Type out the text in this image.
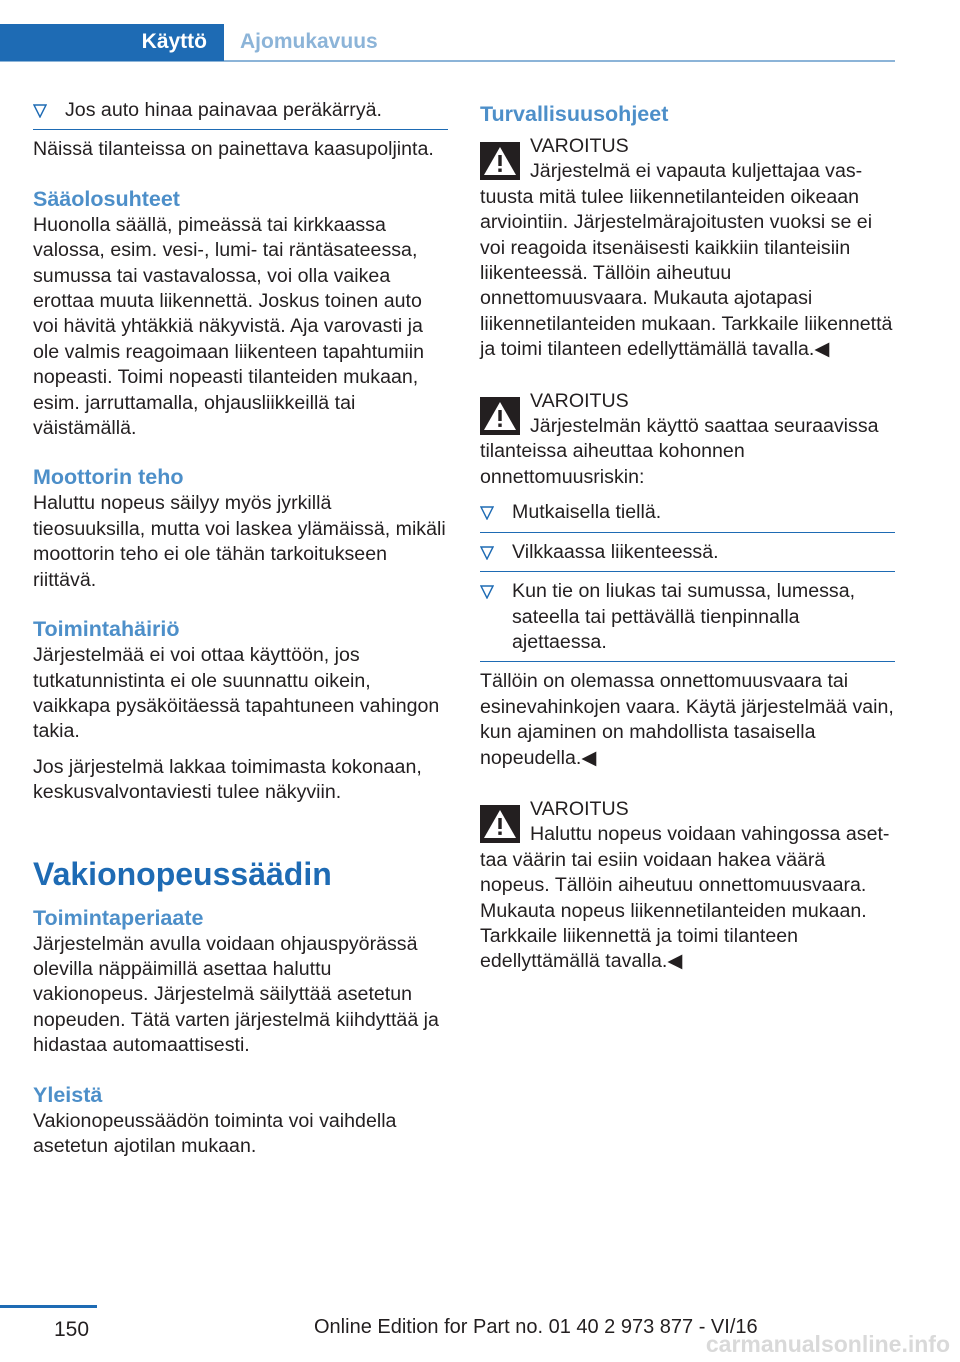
Käyttö Ajomukavuus
Jos auto hinaa painavaa peräkärryä.
Näissä tilanteissa on painettava kaasupoljinta.
Sääolosuhteet
Huonolla säällä, pimeässä tai kirkkaassa valossa, esim. vesi-, lumi- tai räntäsateessa, sumussa tai vastavalossa, voi olla vaikea erottaa muuta liikennettä. Joskus toinen auto voi hävitä yhtäkkiä näkyvistä. Aja varovasti ja ole valmis reagoimaan liikenteen tapahtumiin nopeasti. Toimi nopeasti tilanteiden mukaan, esim. jarruttamalla, ohjausliikkeillä tai väistämällä.
Moottorin teho
Haluttu nopeus säilyy myös jyrkillä tieosuuksilla, mutta voi laskea ylämäissä, mikäli moottorin teho ei ole tähän tarkoitukseen riittävä.
Toimintahäiriö
Järjestelmää ei voi ottaa käyttöön, jos tutkatunnistinta ei ole suunnattu oikein, vaikkapa pysäköitäessä tapahtuneen vahingon takia.
Jos järjestelmä lakkaa toimimasta kokonaan, keskusvalvontaviesti tulee näkyviin.
Vakionopeussäädin
Toimintaperiaate
Järjestelmän avulla voidaan ohjauspyörässä olevilla näppäimillä asettaa haluttu vakionopeus. Järjestelmä säilyttää asetetun nopeuden. Tätä varten järjestelmä kiihdyttää ja hidastaa automaattisesti.
Yleistä
Vakionopeussäädön toiminta voi vaihdella asetetun ajotilan mukaan.
Turvallisuusohjeet
VAROITUS
Järjestelmä ei vapauta kuljettajaa vas-
tuusta mitä tulee liikennetilanteiden oikeaan arviointiin. Järjestelmärajoitusten vuoksi se ei voi reagoida itsenäisesti kaikkiin tilanteisiin liikenteessä. Tällöin aiheutuu onnettomuusvaara. Mukauta ajotapasi liikennetilanteiden mukaan. Tarkkaile liikennettä ja toimi tilanteen edellyttämällä tavalla.◀
VAROITUS
Järjestelmän käyttö saattaa seuraavissa
tilanteissa aiheuttaa kohonnen onnettomuusriskin:
Mutkaisella tiellä.
Vilkkaassa liikenteessä.
Kun tie on liukas tai sumussa, lumessa, sateella tai pettävällä tienpinnalla ajettaessa.
Tällöin on olemassa onnettomuusvaara tai esinevahinkojen vaara. Käytä järjestelmää vain, kun ajaminen on mahdollista tasaisella nopeudella.◀
VAROITUS
Haluttu nopeus voidaan vahingossa aset-
taa väärin tai esiin voidaan hakea väärä nopeus. Tällöin aiheutuu onnettomuusvaara. Mukauta nopeus liikennetilanteiden mukaan. Tarkkaile liikennettä ja toimi tilanteen edellyttämällä tavalla.◀
150	Online Edition for Part no. 01 40 2 973 877 - VI/16
carmanualsonline.info
